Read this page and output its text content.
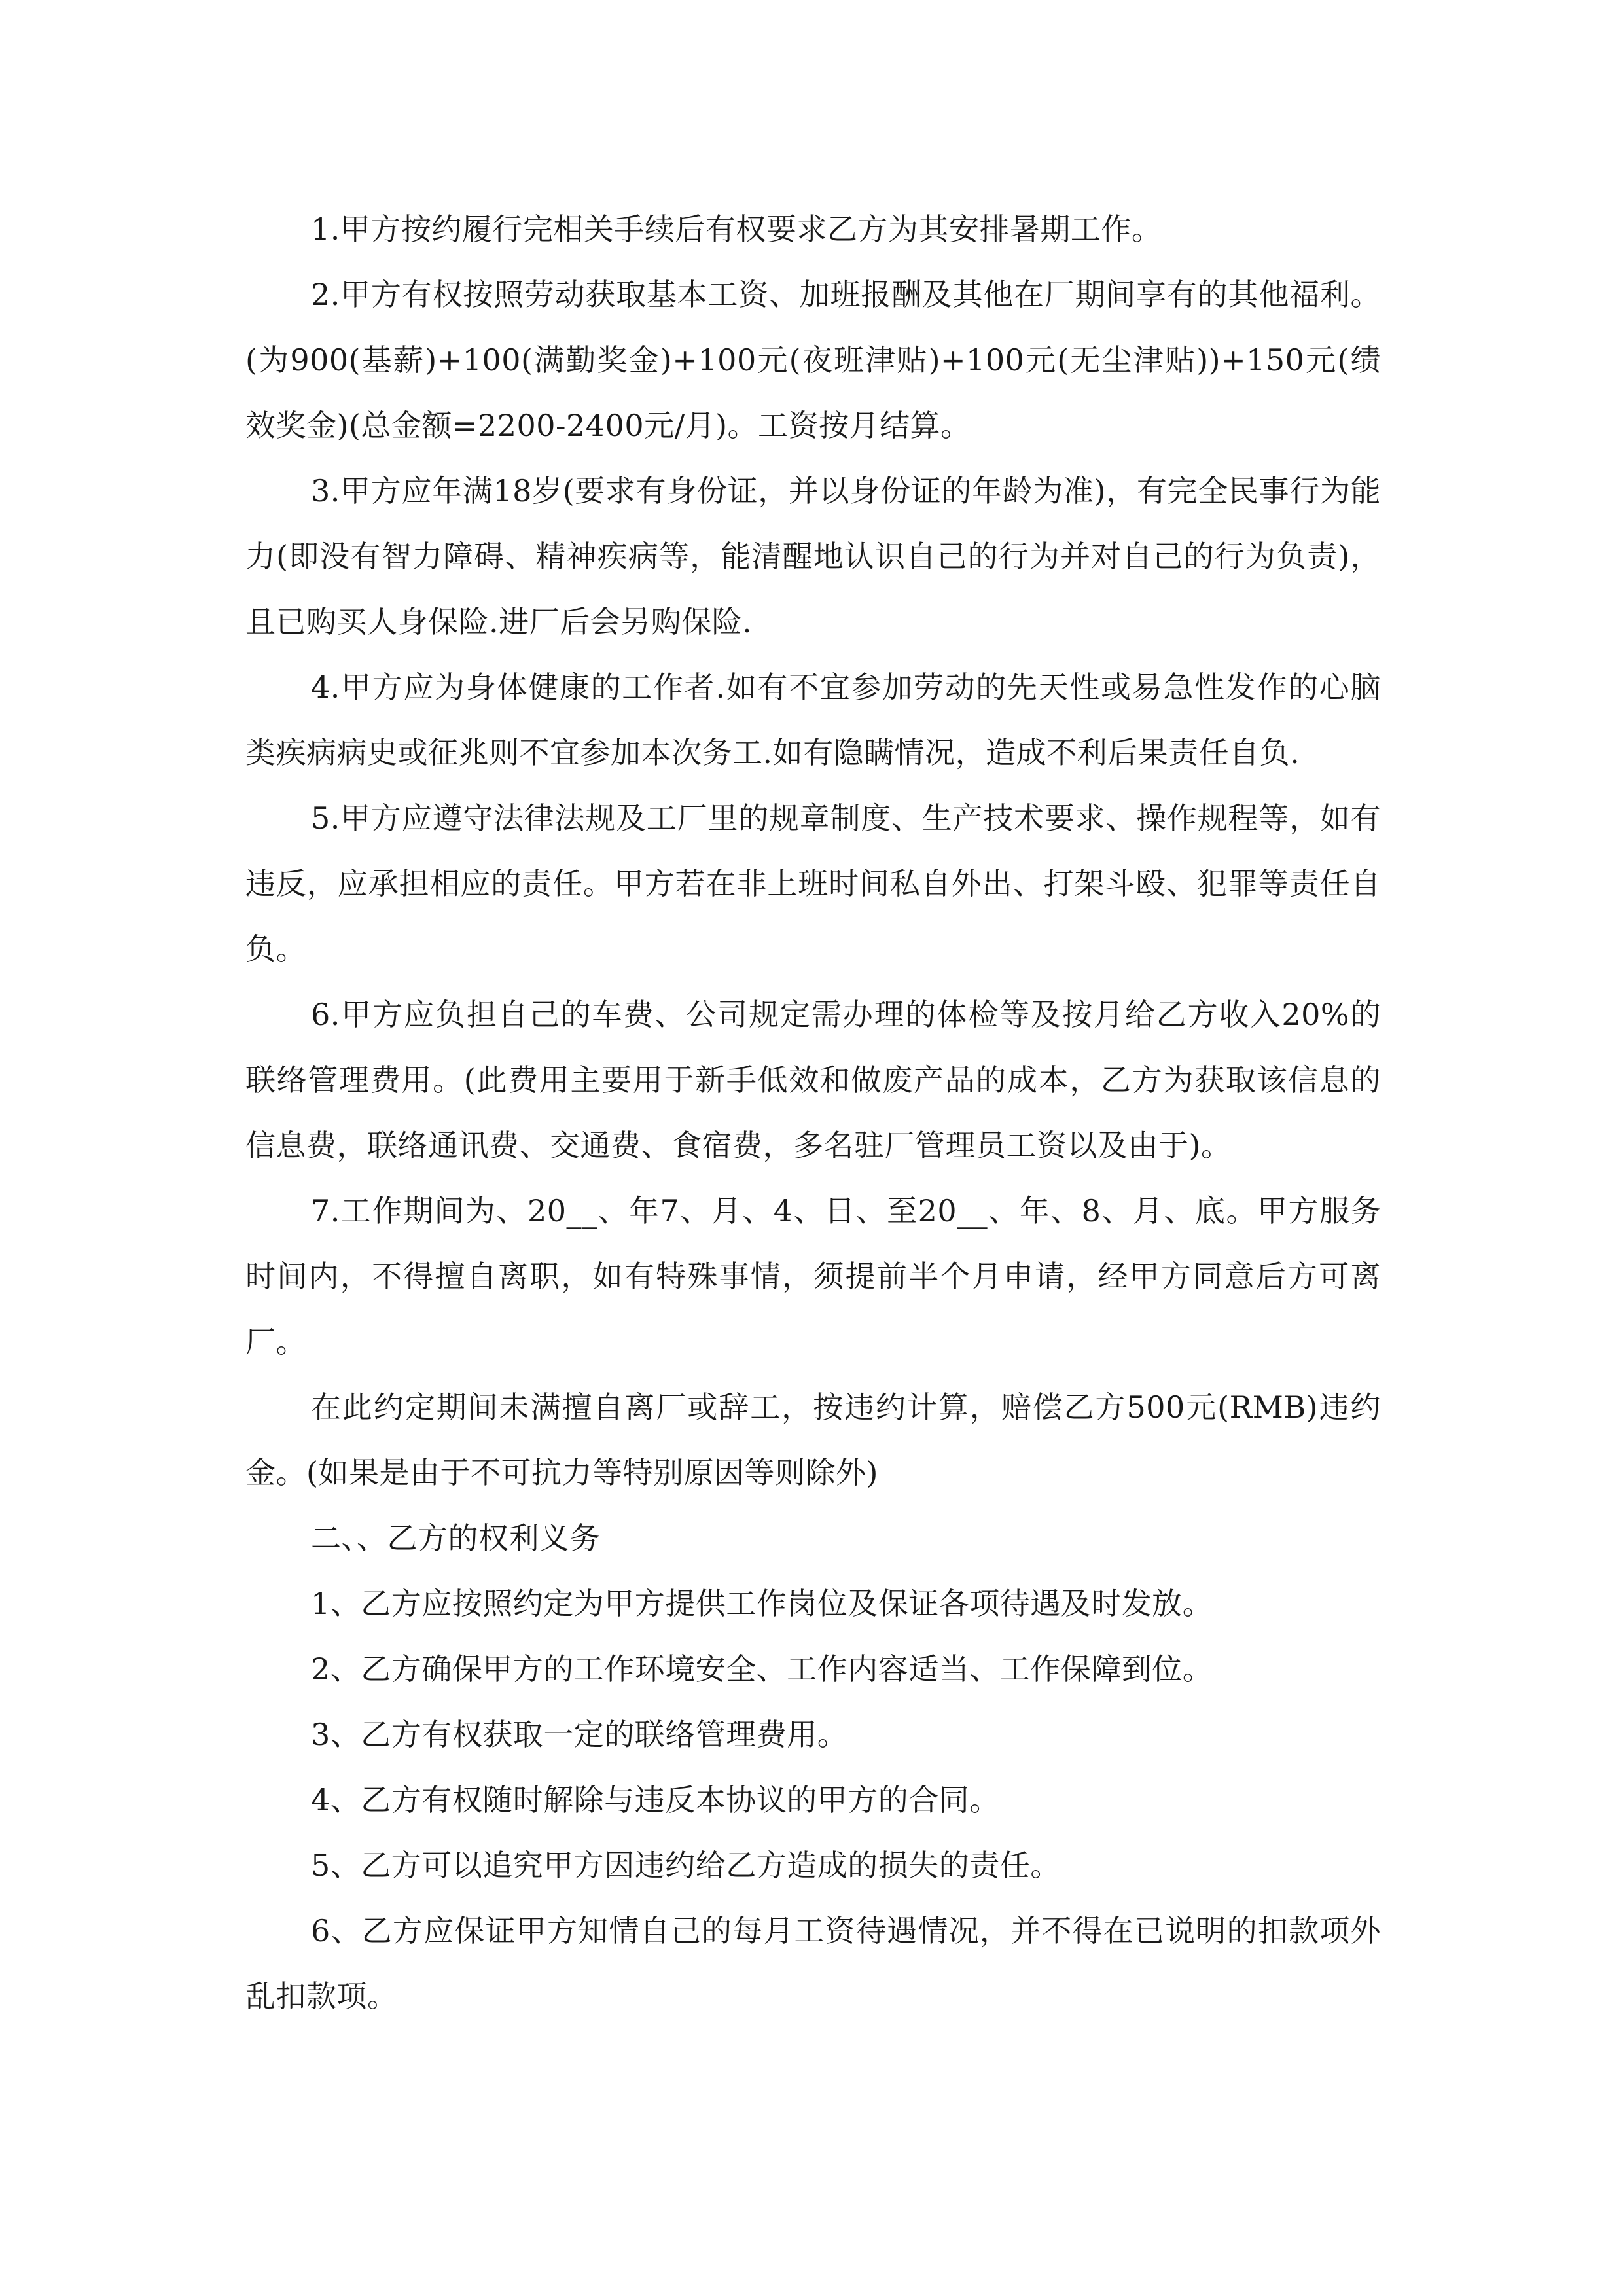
1.甲方按约履行完相关手续后有权要求乙方为其安排暑期工作。

2.甲方有权按照劳动获取基本工资、加班报酬及其他在厂期间享有的其他福利。(为900(基薪)+100(满勤奖金)+100元(夜班津贴)+100元(无尘津贴))+150元(绩效奖金)(总金额=2200-2400元/月)。工资按月结算。

3.甲方应年满18岁(要求有身份证，并以身份证的年龄为准)，有完全民事行为能力(即没有智力障碍、精神疾病等，能清醒地认识自己的行为并对自己的行为负责)，且已购买人身保险.进厂后会另购保险.

4.甲方应为身体健康的工作者.如有不宜参加劳动的先天性或易急性发作的心脑类疾病病史或征兆则不宜参加本次务工.如有隐瞒情况，造成不利后果责任自负.

5.甲方应遵守法律法规及工厂里的规章制度、生产技术要求、操作规程等，如有违反，应承担相应的责任。甲方若在非上班时间私自外出、打架斗殴、犯罪等责任自负。

6.甲方应负担自己的车费、公司规定需办理的体检等及按月给乙方收入20%的联络管理费用。(此费用主要用于新手低效和做废产品的成本，乙方为获取该信息的信息费，联络通讯费、交通费、食宿费，多名驻厂管理员工资以及由于)。

7.工作期间为、20__、年7、月、4、日、至20__、年、8、月、底。甲方服务时间内，不得擅自离职，如有特殊事情，须提前半个月申请，经甲方同意后方可离厂。

在此约定期间未满擅自离厂或辞工，按违约计算，赔偿乙方500元(RMB)违约金。(如果是由于不可抗力等特别原因等则除外)

二、、乙方的权利义务

1、乙方应按照约定为甲方提供工作岗位及保证各项待遇及时发放。

2、乙方确保甲方的工作环境安全、工作内容适当、工作保障到位。

3、乙方有权获取一定的联络管理费用。

4、乙方有权随时解除与违反本协议的甲方的合同。

5、乙方可以追究甲方因违约给乙方造成的损失的责任。

6、乙方应保证甲方知情自己的每月工资待遇情况，并不得在已说明的扣款项外乱扣款项。
